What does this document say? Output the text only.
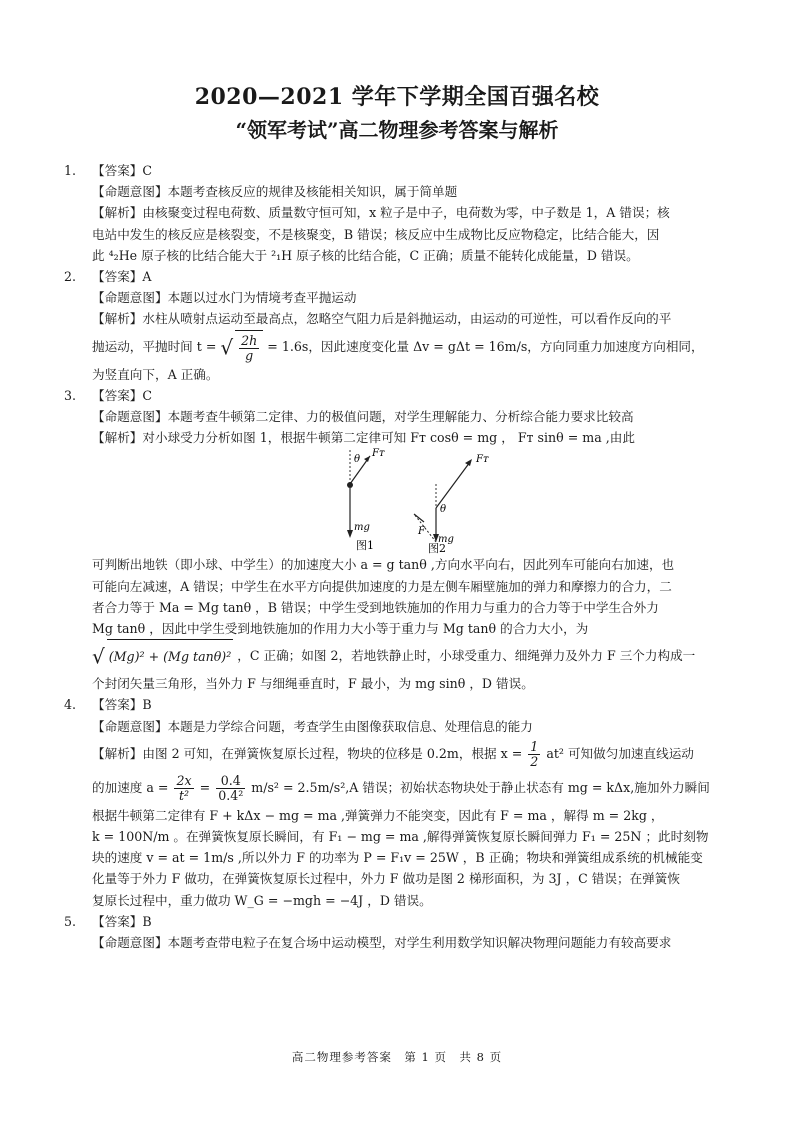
2020—2021 学年下学期全国百强名校
“领军考试”高二物理参考答案与解析
1. 【答案】C
【命题意图】本题考查核反应的规律及核能相关知识，属于简单题
【解析】由核聚变过程电荷数、质量数守恒可知，x 粒子是中子，电荷数为零，中子数是 1，A 错误；核
电站中发生的核反应是核裂变，不是核聚变，B 错误；核反应中生成物比反应物稳定，比结合能大，因
此 ⁴₂He 原子核的比结合能大于 ²₁H 原子核的比结合能，C 正确；质量不能转化成能量，D 错误。
2. 【答案】A
【命题意图】本题以过水门为情境考查平抛运动
【解析】水柱从喷射点运动至最高点，忽略空气阻力后是斜抛运动，由运动的可逆性，可以看作反向的平
抛运动，平抛时间 t = √ $\frac{2h}{g} = 1.6s$，因此速度变化量 Δv = gΔt = 16m/s，方向同重力加速度方向相同，
为竖直向下，A 正确。
3. 【答案】C
【命题意图】本题考查牛顿第二定律、力的极值问题，对学生理解能力、分析综合能力要求比较高
【解析】对小球受力分析如图 1，根据牛顿第二定律可知 Fᴛ cosθ = mg ， Fᴛ sinθ = ma ,由此
θ
Fᴛ
mg
图1
θ
Fᴛ
F
mg
图2
可判断出地铁（即小球、中学生）的加速度大小 a = g tanθ ,方向水平向右，因此列车可能向右加速，也
可能向左减速，A 错误；中学生在水平方向提供加速度的力是左侧车厢壁施加的弹力和摩擦力的合力，二
者合力等于 Ma = Mg tanθ ，B 错误；中学生受到地铁施加的作用力与重力的合力等于中学生合外力
Mg tanθ ，因此中学生受到地铁施加的作用力大小等于重力与 Mg tanθ 的合力大小，为
√ (Mg)² + (Mg tanθ)² ，C 正确；如图 2，若地铁静止时，小球受重力、细绳弹力及外力 F 三个力构成一
个封闭矢量三角形，当外力 F 与细绳垂直时，F 最小，为 mg sinθ ，D 错误。
4. 【答案】B
【命题意图】本题是力学综合问题，考查学生由图像获取信息、处理信息的能力
【解析】由图 2 可知，在弹簧恢复原长过程，物块的位移是 0.2m，根据 $x = \frac{1}{2} at^2$ 可知做匀加速直线运动
的加速度 $a = \frac{2x}{\text{t²}} = \frac{0.4}{\text{0.4²}} m/s^2 = 2.5m/s^2,A$ 错误；初始状态物块处于静止状态有 mg = kΔx,施加外力瞬间
根据牛顿第二定律有 F + kΔx − mg = ma ,弹簧弹力不能突变，因此有 F = ma ，解得 m = 2kg ，
k = 100N/m 。在弹簧恢复原长瞬间，有 F₁ − mg = ma ,解得弹簧恢复原长瞬间弹力 F₁ = 25N ；此时刻物
块的速度 v = at = 1m/s ,所以外力 F 的功率为 P = F₁v = 25W ，B 正确；物块和弹簧组成系统的机械能变
化量等于外力 F 做功，在弹簧恢复原长过程中，外力 F 做功是图 2 梯形面积，为 3J ，C 错误；在弹簧恢
复原长过程中，重力做功 W_G = −mgh = −4J ，D 错误。
5. 【答案】B
【命题意图】本题考查带电粒子在复合场中运动模型，对学生利用数学知识解决物理问题能力有较高要求
高二物理参考答案　第 1 页　共 8 页
